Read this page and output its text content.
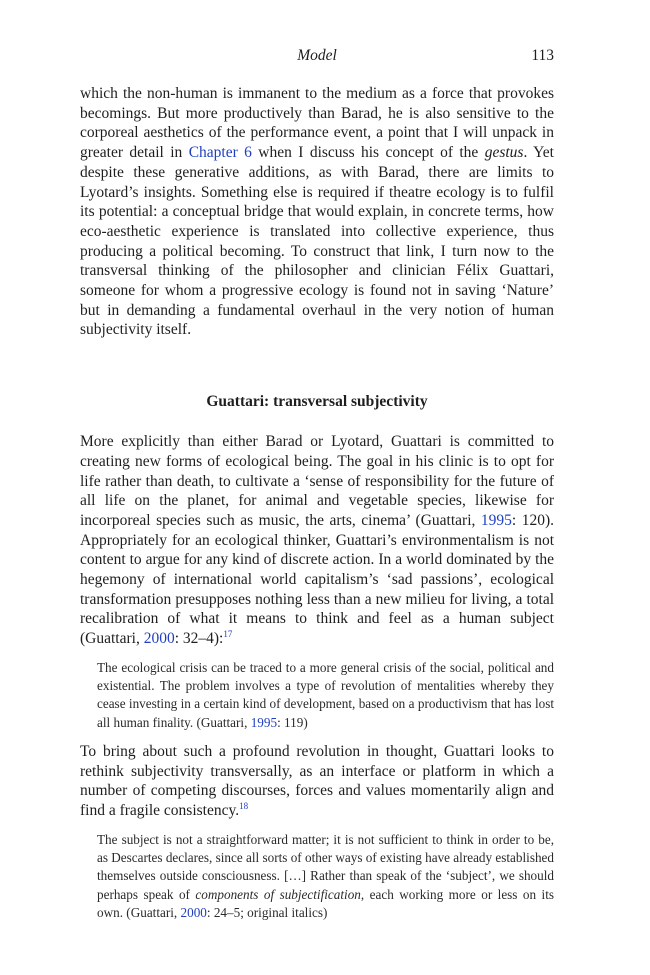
Model	113

which the non-human is immanent to the medium as a force that provokes becomings. But more productively than Barad, he is also sensitive to the corporeal aesthetics of the performance event, a point that I will unpack in greater detail in Chapter 6 when I discuss his concept of the gestus. Yet despite these generative additions, as with Barad, there are limits to Lyotard’s insights. Something else is required if theatre ecology is to fulfil its potential: a conceptual bridge that would explain, in concrete terms, how eco-aesthetic experience is translated into collective experience, thus producing a political becoming. To construct that link, I turn now to the transversal thinking of the philosopher and clinician Félix Guattari, someone for whom a progressive ecology is found not in saving ‘Nature’ but in demanding a fundamental overhaul in the very notion of human subjectivity itself.

Guattari: transversal subjectivity

More explicitly than either Barad or Lyotard, Guattari is committed to creating new forms of ecological being. The goal in his clinic is to opt for life rather than death, to cultivate a ‘sense of responsibility for the future of all life on the planet, for animal and vegetable species, likewise for incorporeal species such as music, the arts, cinema’ (Guattari, 1995: 120). Appropriately for an ecological thinker, Guattari’s environmentalism is not content to argue for any kind of discrete action. In a world dominated by the hegemony of international world capitalism’s ‘sad passions’, ecological transformation presupposes nothing less than a new milieu for living, a total recalibration of what it means to think and feel as a human subject (Guattari, 2000: 32–4):$^{17}$

The ecological crisis can be traced to a more general crisis of the social, political and existential. The problem involves a type of revolution of mentalities whereby they cease investing in a certain kind of development, based on a productivism that has lost all human finality. (Guattari, 1995: 119)

To bring about such a profound revolution in thought, Guattari looks to rethink subjectivity transversally, as an interface or platform in which a number of competing discourses, forces and values momentarily align and find a fragile consistency.$^{18}$

The subject is not a straightforward matter; it is not sufficient to think in order to be, as Descartes declares, since all sorts of other ways of existing have already established themselves outside consciousness. […] Rather than speak of the ‘subject’, we should perhaps speak of components of subjectification, each working more or less on its own. (Guattari, 2000: 24–5; original italics)
